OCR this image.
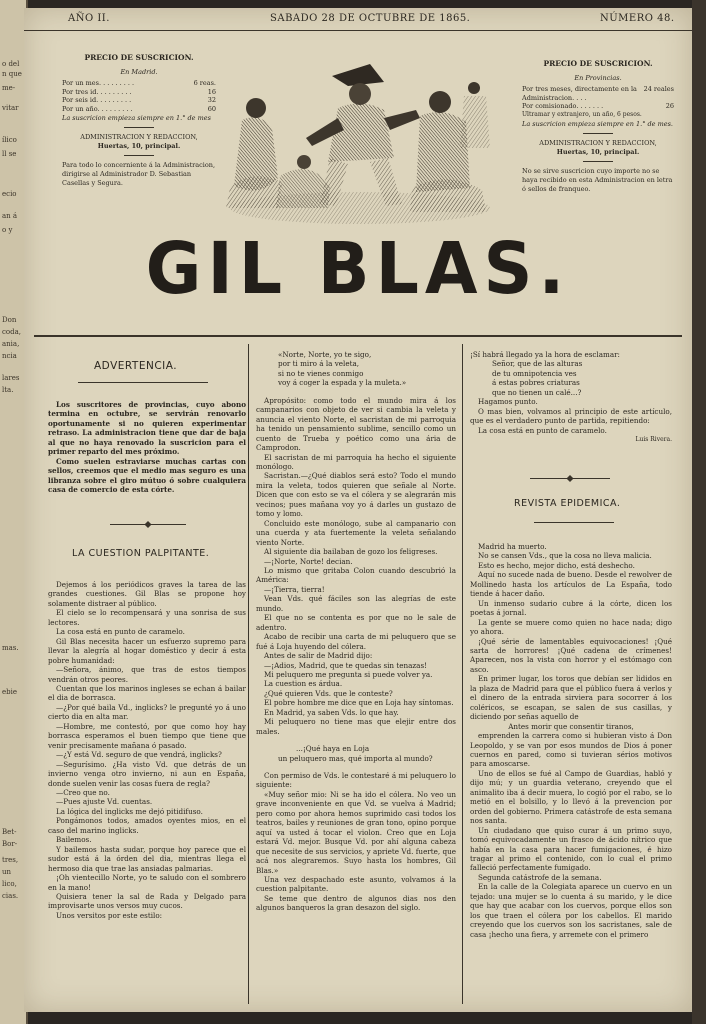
o del
n que
me-
vitar
ílico
ll se
ecio
an á
o y
Don
coda,
ania,
ncia
lares
lta.
mas.
ebie
Bet-
Bor-
tres,
un
lico,
cias.
AÑO II.	SABADO 28 DE OCTUBRE DE 1865.	NÚMERO 48.
PRECIO DE SUSCRICION.
En Madrid.
Por un mes. . . . . . . . .	6 reas.
Por tres id. . . . . . . . .	16
Por seis id. . . . . . . . .	32
Por un año. . . . . . . . .	60
La suscricion empieza siempre en 1.° de mes
ADMINISTRACION Y REDACCION,
Huertas, 10, principal.
Para todo lo concerniente á la Administracion, dirigirse al Administrador D. Sebastian Casellas y Segura.
PRECIO DE SUSCRICION.
En Provincias.
Por tres meses, directamente en la Administracion. . . .
24 reales
Por comisionado. . . . . . .	26
Ultramar y extranjero, un año, 6 pesos.
La suscricion empieza siempre en 1.° de mes.
ADMINISTRACION Y REDACCION,
Huertas, 10, principal.
No se sirve suscricion cuyo importe no se haya recibido en esta Administracion en letra ó sellos de franqueo.
GIL BLAS.
ADVERTENCIA.

Los suscritores de provincias, cuyo abono termina en octubre, se servirán renovarlo oportunamente si no quieren experimentar retraso. La administracion tiene que dar de baja al que no haya renovado la suscricion para el primer reparto del mes próximo.

Como suelen estraviarse muchas cartas con sellos, creemos que el medio mas seguro es una libranza sobre el giro mútuo ó sobre cualquiera casa de comercio de esta córte.

LA CUESTION PALPITANTE.

Dejemos á los periódicos graves la tarea de las grandes cuestiones. Gil Blas se propone hoy solamente distraer al público.

El cielo se lo recompensará y una sonrisa de sus lectores.

La cosa está en punto de caramelo.

Gil Blas necesita hacer un esfuerzo supremo para llevar la alegría al hogar doméstico y decir á esta pobre humanidad:

—Señora, ánimo, que tras de estos tiempos vendrán otros peores.

Cuentan que los marinos ingleses se echan á bailar el dia de borrasca.

—¿Por qué baila Vd., inglicks? le pregunté yo á uno cierto dia en alta mar.

—Hombre, me contestó, por que como hoy hay borrasca esperamos el buen tiempo que tiene que venir precisamente mañana ó pasado.

—¿Y está Vd. seguro de que vendrá, inglicks?

—Segurísimo. ¿Ha visto Vd. que detrás de un invierno venga otro invierno, ni aun en España, donde suelen venir las cosas fuera de regla?

—Creo que no.

—Pues ajuste Vd. cuentas.

La lógica del inglicks me dejó pitidifuso.

Pongámonos todos, amados oyentes mios, en el caso del marino inglicks.

Bailemos.

Y bailemos hasta sudar, porque hoy parece que el sudor está á la órden del dia, mientras llega el hermoso dia que trae las ansiadas palmarias.

¡Oh vientecillo Norte, yo te saludo con el sombrero en la mano!

Quisiera tener la sal de Rada y Delgado para improvisarte unos versos muy cucos.

Unos versitos por este estilo:

«Norte, Norte, yo te sigo,

por ti miro á la veleta,

si no te vienes conmigo

voy á coger la espada y la muleta.»

Apropósito: como todo el mundo mira á los campanarios con objeto de ver si cambia la veleta y anuncia el viento Norte, el sacristan de mi parroquia ha tenido un pensamiento sublime, sencillo como un cuento de Trueba y poético como una ária de Camprodon.

El sacristan de mi parroquia ha hecho el siguiente monólogo.

Sacristan.—¿Qué diablos será esto? Todo el mundo mira la veleta, todos quieren que señale al Norte. Dicen que con esto se va el cólera y se alegrarán mis vecinos; pues mañana voy yo á darles un gustazo de tomo y lomo.

Concluido este monólogo, sube al campanario con una cuerda y ata fuertemente la veleta señalando viento Norte.

Al siguiente dia bailaban de gozo los feligreses.

—¡Norte, Norte! decian.

Lo mismo que gritaba Colon cuando descubrió la América:

—¡Tierra, tierra!

Vean Vds. qué fáciles son las alegrías de este mundo.

El que no se contenta es por que no le sale de adentro.

Acabo de recibir una carta de mi peluquero que se fué á Loja huyendo del cólera.

Antes de salir de Madrid dijo:

—¡Adios, Madrid, que te quedas sin tenazas!

Mi peluquero me pregunta si puede volver ya.

La cuestion es árdua.

¿Qué quieren Vds. que le conteste?

El pobre hombre me dice que en Loja hay síntomas.

En Madrid, ya saben Vds. lo que hay.

Mi peluquero no tiene mas que elejir entre dos males.

...¡Qué haya en Loja

un peluquero mas, qué importa al mundo?

Con permiso de Vds. le contestaré á mi peluquero lo siguiente:

«Muy señor mio: Ni se ha ido el cólera. No veo un grave inconveniente en que Vd. se vuelva á Madrid; pero como por ahora hemos suprimido casi todos los teatros, bailes y reuniones de gran tono, opino porque aquí va usted á tocar el violon. Creo que en Loja estará Vd. mejor. Busque Vd. por ahí alguna cabeza que necesite de sus servicios, y apriete Vd. fuerte, que acá nos alegraremos. Suyo hasta los hombres, Gil Blas.»

Una vez despachado este asunto, volvamos á la cuestion palpitante.

Se teme que dentro de algunos dias nos den algunos banqueros la gran desazon del siglo.

¡Sí habrá llegado ya la hora de esclamar:

Señor, que de las alturas

de tu omnipotencia ves

á estas pobres criaturas

que no tienen un calé...?

Hagamos punto.

O mas bien, volvamos al principio de este artículo, que es el verdadero punto de partida, repitiendo:

La cosa está en punto de caramelo.

Luis Rivera.

REVISTA EPIDEMICA.

Madrid ha muerto.

No se cansen Vds., que la cosa no lleva malicia.

Esto es hecho, mejor dicho, está deshecho.

Aquí no sucede nada de bueno. Desde el rewolver de Mollinedo hasta los artículos de La España, todo tiende á hacer daño.

Un inmenso sudario cubre á la córte, dicen los poetas á jornal.

La gente se muere como quien no hace nada; digo yo ahora.

¡Qué série de lamentables equivocaciones! ¡Qué sarta de horrores! ¡Qué cadena de crímenes! Aparecen, nos la vista con horror y el estómago con asco.

En primer lugar, los toros que debían ser lididos en la plaza de Madrid para que el público fuera á verlos y el dinero de la entrada sirviera para socorrer á los coléricos, se escapan, se salen de sus casillas, y diciendo por señas aquello de

Antes morir que consentir tiranos,

emprenden la carrera como si hubieran visto á Don Leopoldo, y se van por esos mundos de Dios á poner cuernos en pared, como si tuvieran sérios motivos para amoscarse.

Uno de ellos se fué al Campo de Guardias, habló y dijo mú; y un guardia veterano, creyendo que el animalito iba á decir muera, lo cogió por el rabo, se lo metió en el bolsillo, y lo llevó á la prevencion por orden del gobierno. Primera catástrofe de esta semana nos santa.

Un ciudadano que quiso curar á un primo suyo, tomó equivocadamente un frasco de ácido nítrico que había en la casa para hacer fumigaciones, é hizo tragar al primo el contenido, con lo cual el primo falleció perfectamente fumigado.

Segunda catástrofe de la semana.

En la calle de la Colegiata aparece un cuervo en un tejado: una mujer se lo cuenta á su marido, y le dice que hay que acabar con los cuervos, porque ellos son los que traen el cólera por los cabellos. El marido creyendo que los cuervos son los sacristanes, sale de casa ¡hecho una fiera, y arremete con el primero
